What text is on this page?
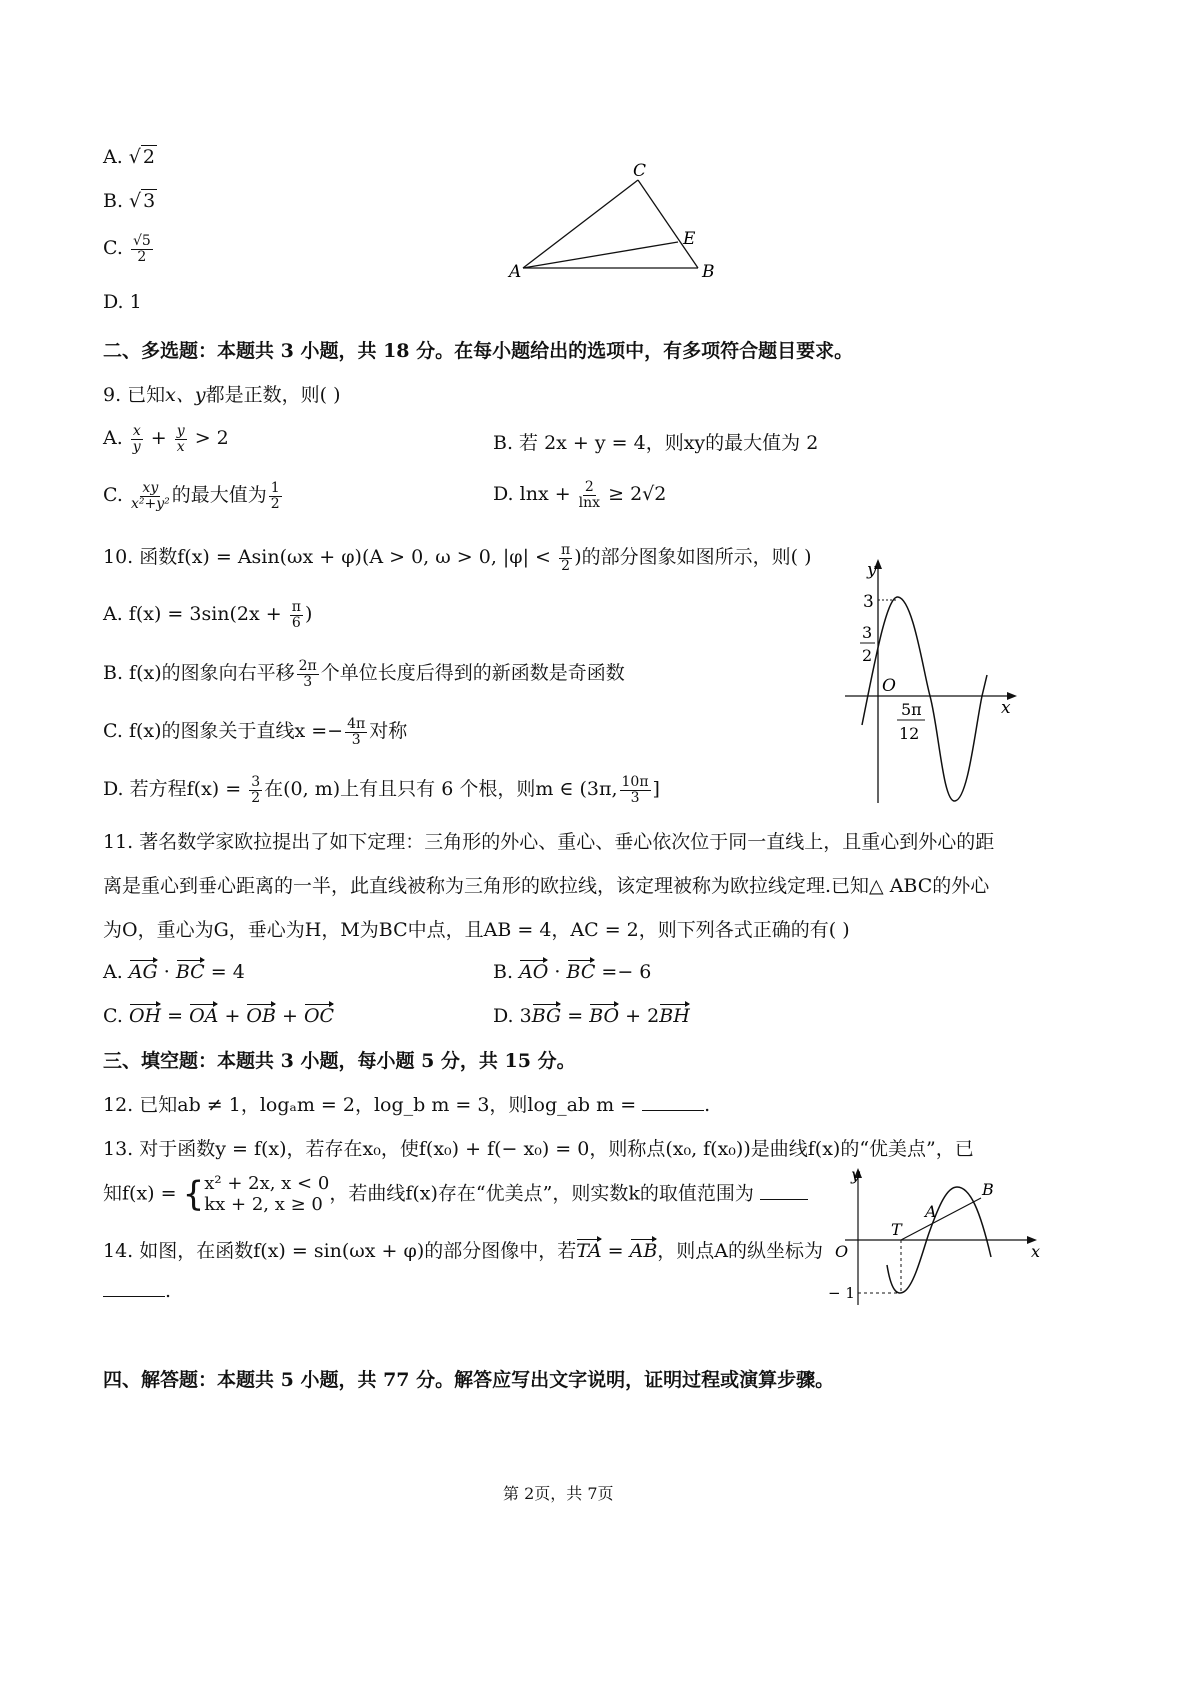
A. √ 2
B. √ 3
C. $\frac{√5}{2}$
D. 1
C
E
A	B
二、多选题：本题共 3 小题，共 18 分。在每小题给出的选项中，有多项符合题目要求。
9. 已知x、y都是正数，则( )
A. $\frac{x}{y} + \frac{y}{x} > 2$	B. 若 2x + y = 4，则xy的最大值为 2
C. $\frac{xy}{\text{x²+y²}}$ 的最大值为 $\frac{1}{2}$	D. $\ln x + \frac{2}{\ln x} \ge 2√2$
10. 函数f(x) = Asin(ωx + φ)(A > 0, ω > 0, $|\varphi| < \frac{\pi}{2}$ )的部分图象如图所示，则( )
A. $f(x) = 3\sin(2x + \frac{\pi}{6}$ )
B. f(x)的图象向右平移 $\frac{2\pi}{3}$ 个单位长度后得到的新函数是奇函数
C. f(x)的图象关于直线$x =- \frac{4\pi}{3}$ 对称
D. 若方程$f(x) = \frac{3}{2}$ 在(0, m)上有且只有 6 个根，则m ∈ (3π, $\frac{10\pi}{3}$ ]
y
x
O
3
3
2
5π
12
11. 著名数学家欧拉提出了如下定理：三角形的外心、重心、垂心依次位于同一直线上，且重心到外心的距
离是重心到垂心距离的一半，此直线被称为三角形的欧拉线，该定理被称为欧拉线定理.已知△ ABC的外心
为O，重心为G，垂心为H，M为BC中点，且AB = 4，AC = 2，则下列各式正确的有( )
A. AG · BC = 4	B. AO · BC =− 6
C. OH = OA + OB + OC	D. 3BG = BO + 2BH
三、填空题：本题共 3 小题，每小题 5 分，共 15 分。
12. 已知ab ≠ 1，logₐm = 2，log_b m = 3，则log_ab m =	.
13. 对于函数y = f(x)，若存在x₀，使f(x₀) + f(− x₀) = 0，则称点(x₀, f(x₀))是曲线f(x)的“优美点”，已
知f(x) = { x² + 2x, x < 0
kx + 2, x ≥ 0 ，若曲线f(x)存在“优美点”，则实数k的取值范围为
14. 如图，在函数f(x) = sin(ωx + φ)的部分图像中，若TA = AB，则点A的纵坐标为
.
y
x
O
− 1
T
A
B
四、解答题：本题共 5 小题，共 77 分。解答应写出文字说明，证明过程或演算步骤。
第 2页，共 7页
